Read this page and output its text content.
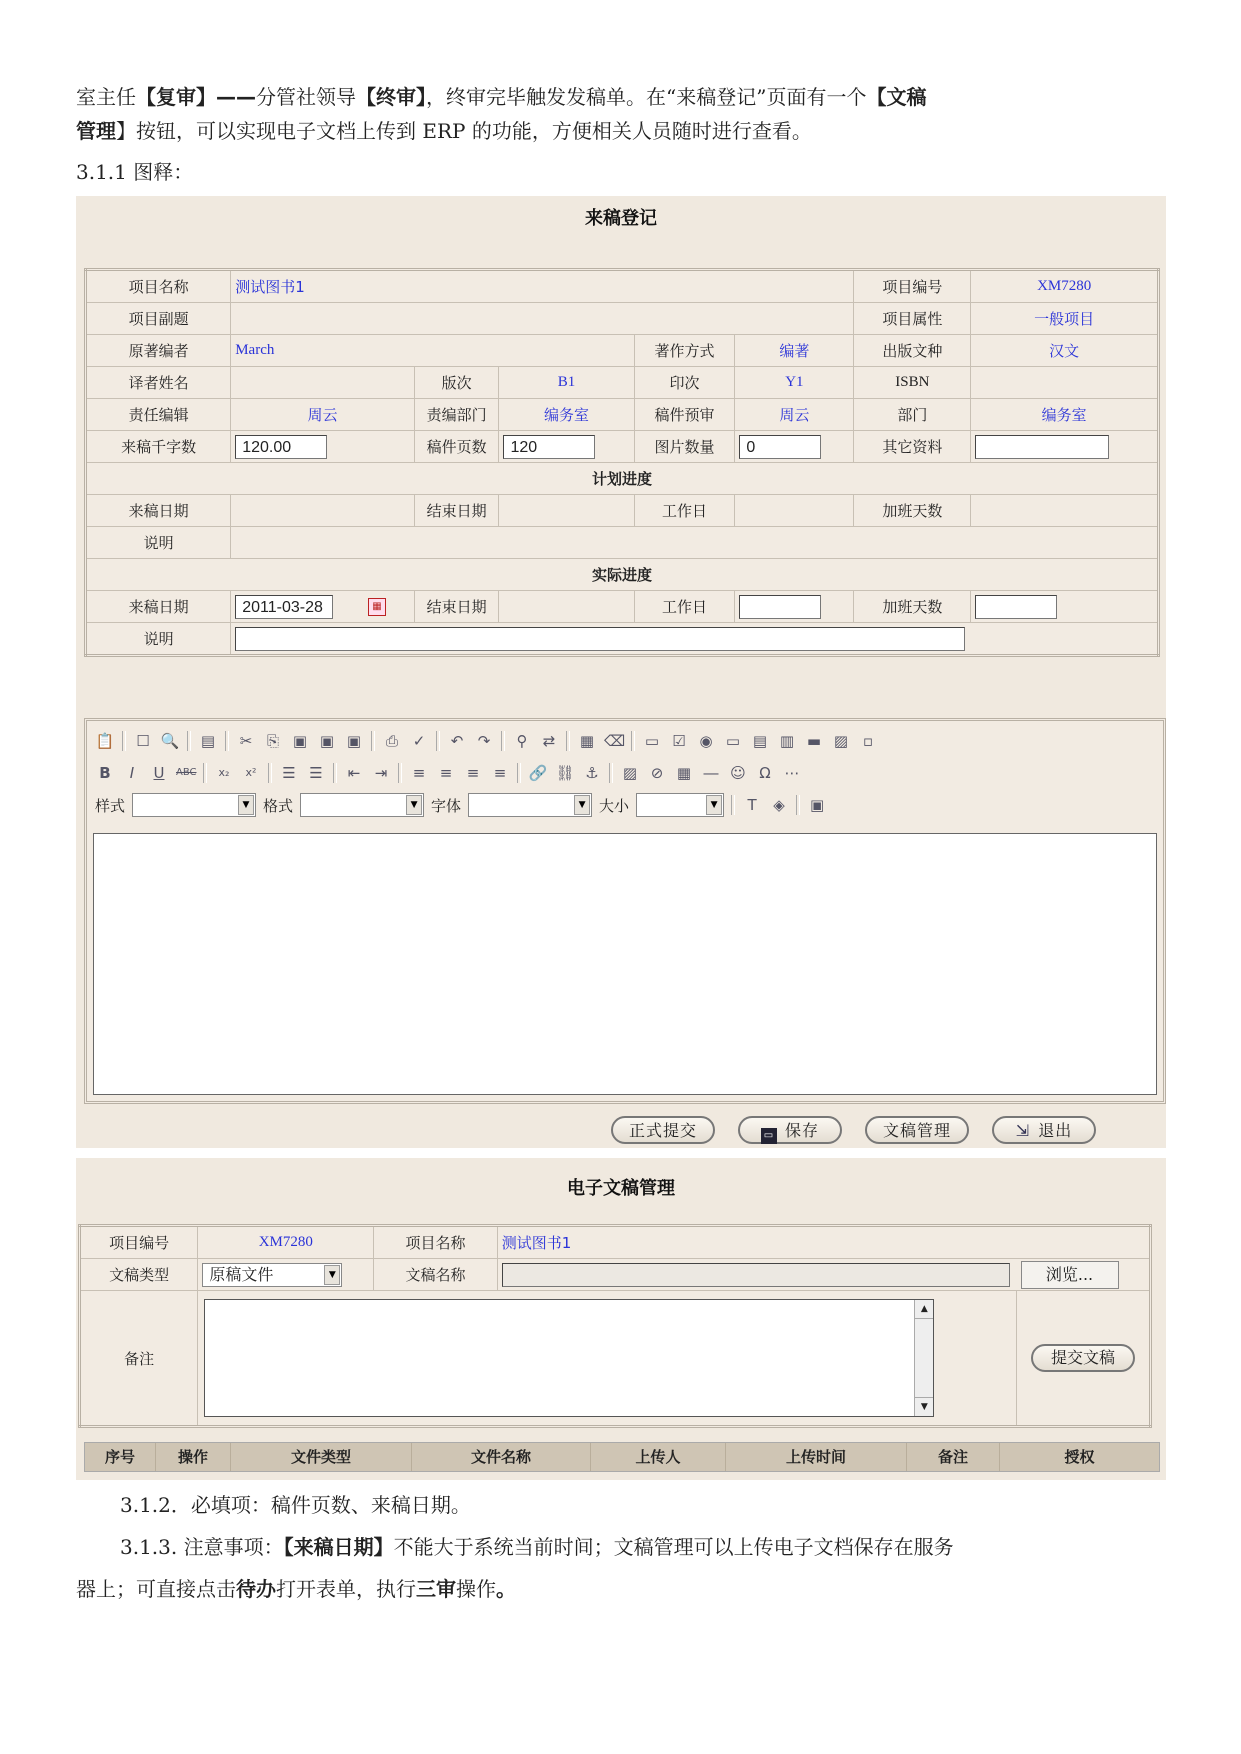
室主任【复审】——分管社领导【终审】，终审完毕触发发稿单。在“来稿登记”页面有一个【文稿
管理】按钮，可以实现电子文档上传到 ERP 的功能，方便相关人员随时进行查看。
3.1.1 图释：
来稿登记
项目名称	测试图书1					项目编号	XM7280
项目副题						项目属性	一般项目
原著编者	March			著作方式	编著	出版文种	汉文
译者姓名		版次	B1	印次	Y1	ISBN	
责任编辑	周云	责编部门	编务室	稿件预审	周云	部门	编务室
来稿千字数	120.00	稿件页数	120	图片数量	0	其它资料	
计划进度							
来稿日期		结束日期		工作日		加班天数	
说明							
实际进度							
来稿日期	2011-03-28 ▦	结束日期		工作日		加班天数	
说明							
📋 ☐ 🔍 ▤ ✂ ⎘ ▣ ▣ ▣ ⎙ ✓ ↶ ↷	⚲	⇄ ▦ ⌫ ▭ ☑ ◉ ▭ ▤ ▥ ▬ ▨ ▫
B	I	U	ABC	x₂	x²	☰ ☰ ⇤ ⇥ ≡ ≡ ≡ ≡ 🔗 ⛓ ⚓ ▨ ⊘ ▦ ― ☺ Ω ⋯
样式	▼ 格式	▼ 字体	▼ 大小	▼	T	◈ ▣
正式提交	▭ 保存	文稿管理	⇲ 退出
电子文稿管理
项目编号	XM7280	项目名称	测试图书1	
文稿类型	原稿文件 ▼	文稿名称	浏览...	
备注	▲
▼			提交文稿
序号	操作	文件类型	文件名称	上传人	上传时间	备注	授权
3.1.2．必填项：稿件页数、来稿日期。
3.1.3. 注意事项：【来稿日期】不能大于系统当前时间；文稿管理可以上传电子文档保存在服务
器上；可直接点击待办打开表单，执行三审操作。
